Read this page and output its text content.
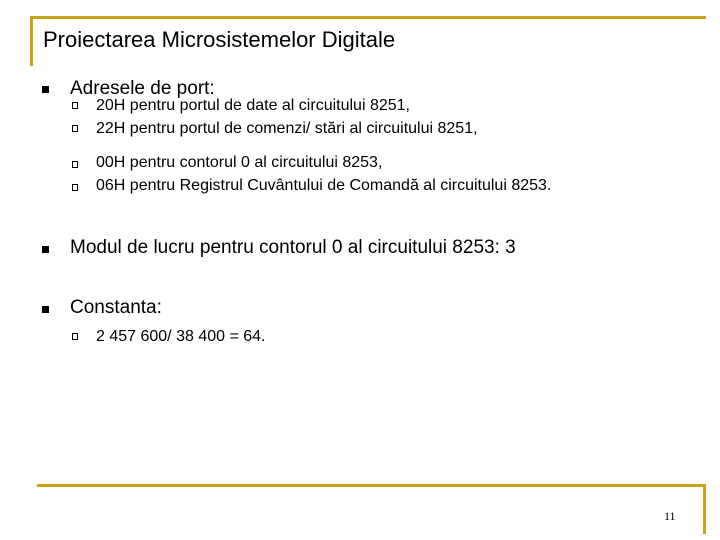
Proiectarea Microsistemelor Digitale
Adresele de port:
20H pentru portul de date al circuitului 8251,
22H pentru portul de comenzi/ stări al circuitului 8251,
00H pentru contorul 0 al circuitului 8253,
06H pentru Registrul Cuvântului de Comandă al circuitului 8253.
Modul de lucru pentru contorul 0 al circuitului 8253: 3
Constanta:
2 457 600/ 38 400 = 64.
11
